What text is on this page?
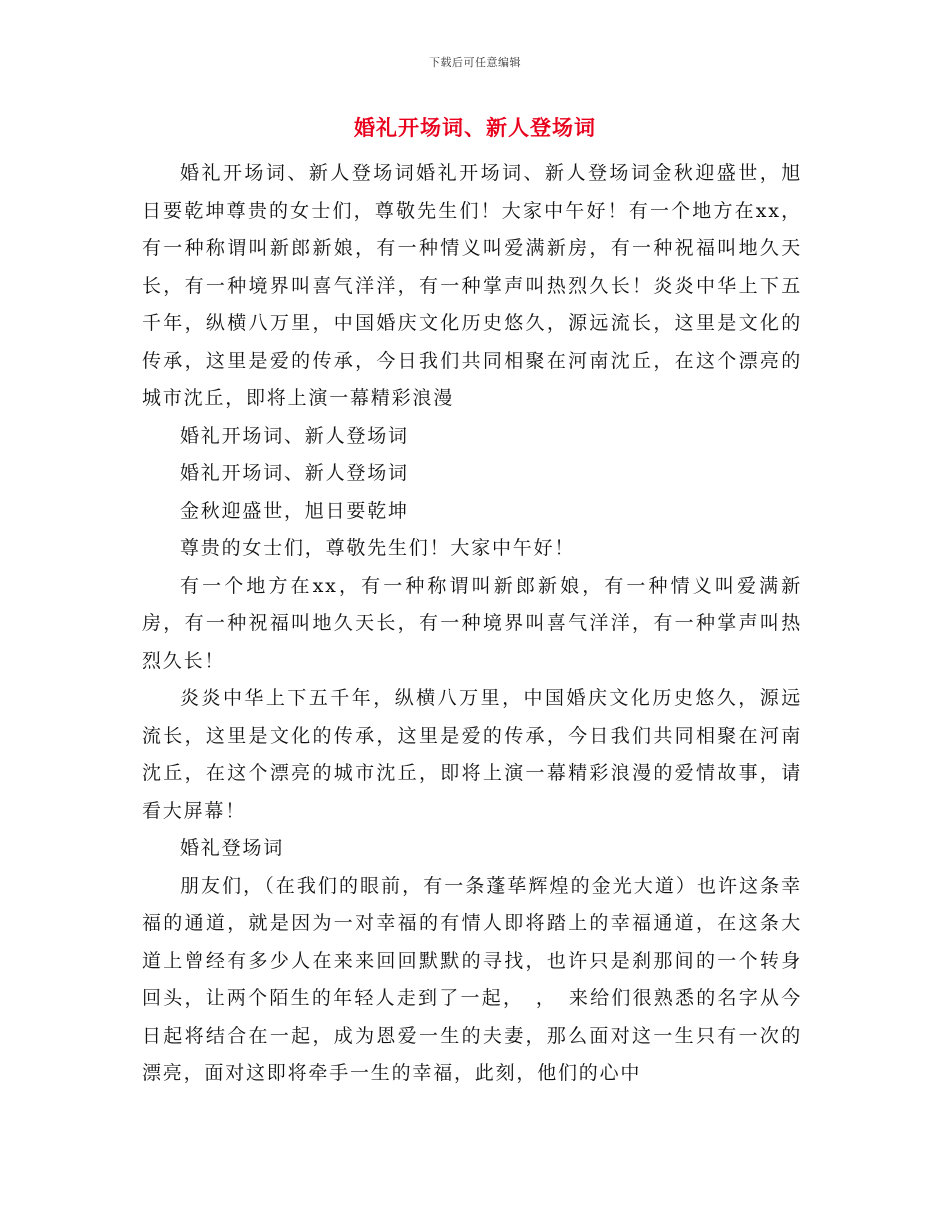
下载后可任意编辑
婚礼开场词、新人登场词

婚礼开场词、新人登场词婚礼开场词、新人登场词金秋迎盛世，旭日要乾坤尊贵的女士们，尊敬先生们！大家中午好！有一个地方在xx，有一种称谓叫新郎新娘，有一种情义叫爱满新房，有一种祝福叫地久天长，有一种境界叫喜气洋洋，有一种掌声叫热烈久长！炎炎中华上下五千年，纵横八万里，中国婚庆文化历史悠久，源远流长，这里是文化的传承，这里是爱的传承，今日我们共同相聚在河南沈丘，在这个漂亮的城市沈丘，即将上演一幕精彩浪漫

婚礼开场词、新人登场词

婚礼开场词、新人登场词

金秋迎盛世，旭日要乾坤

尊贵的女士们，尊敬先生们！大家中午好！

有一个地方在xx，有一种称谓叫新郎新娘，有一种情义叫爱满新房，有一种祝福叫地久天长，有一种境界叫喜气洋洋，有一种掌声叫热烈久长！

炎炎中华上下五千年，纵横八万里，中国婚庆文化历史悠久，源远流长，这里是文化的传承，这里是爱的传承，今日我们共同相聚在河南沈丘，在这个漂亮的城市沈丘，即将上演一幕精彩浪漫的爱情故事，请看大屏幕！

婚礼登场词

朋友们，（在我们的眼前，有一条蓬荜辉煌的金光大道）也许这条幸福的通道，就是因为一对幸福的有情人即将踏上的幸福通道，在这条大道上曾经有多少人在来来回回默默的寻找，也许只是刹那间的一个转身回头，让两个陌生的年轻人走到了一起，　，　来给们很熟悉的名字从今日起将结合在一起，成为恩爱一生的夫妻，那么面对这一生只有一次的漂亮，面对这即将牵手一生的幸福，此刻，他们的心中
